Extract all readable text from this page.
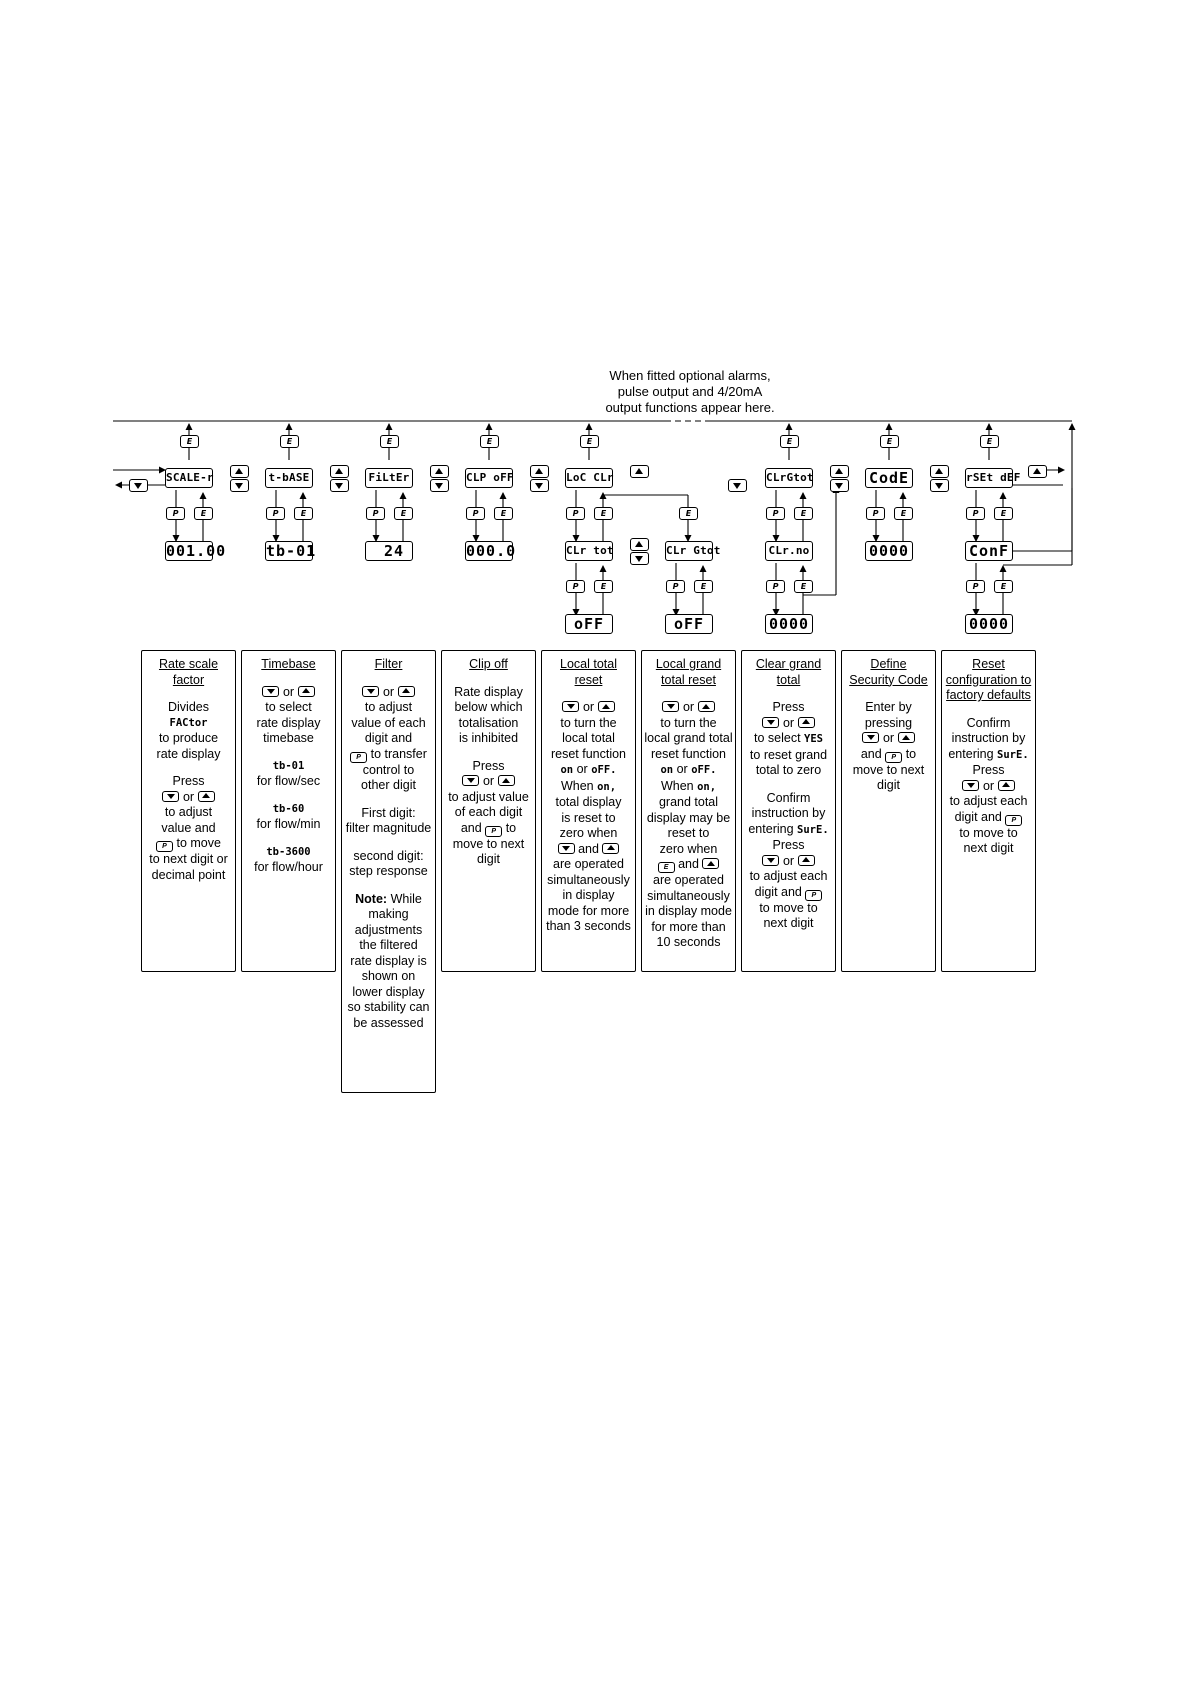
When fitted optional alarms,
pulse output and 4/20mA
output functions appear here.
E	E	E	E	E	E	E	E
SCALE-r	t-bASE	FiLtEr	CLP oFF	LoC CLr	CLrGtot	CodE	rSEt dEF
P	E	P	E	P	E	P	E	P	E	E	P	E	P	E	P	E
001.00	tb-01	24	000.0	CLr tot	CLr Gtot	CLr.no	0000	ConF
P	E	P	E	P	E	P	E
oFF	oFF	0000	0000
Rate scale
factor
Divides
FACtor
to produce
rate display
Press
or
to adjust
value and
P to move
to next digit or
decimal point
Timebase
or
to select
rate display
timebase
tb-01
for flow/sec
tb-60
for flow/min
tb-3600
for flow/hour
Filter
or
to adjust
value of each
digit and
P to transfer
control to
other digit
First digit:
filter magnitude
second digit:
step response
Note: While
making
adjustments
the filtered
rate display is
shown on
lower display
so stability can
be assessed
Clip off
Rate display
below which
totalisation
is inhibited
Press
or
to adjust value
of each digit
and P to
move to next
digit
Local total
reset
or
to turn the
local total
reset function
on or oFF.
When on,
total display
is reset to
zero when
and
are operated
simultaneously
in display
mode for more
than 3 seconds
Local grand
total reset
or
to turn the
local grand total
reset function
on or oFF.
When on,
grand total
display may be
reset to
zero when
E and
are operated
simultaneously
in display mode
for more than
10 seconds
Clear grand
total
Press
or
to select YES
to reset grand
total to zero
Confirm
instruction by
entering SurE.
Press
or
to adjust each
digit and P
to move to
next digit
Define
Security Code
Enter by
pressing
or
and P to
move to next
digit
Reset
configuration to
factory defaults
Confirm
instruction by
entering SurE.
Press
or
to adjust each
digit and P
to move to
next digit
